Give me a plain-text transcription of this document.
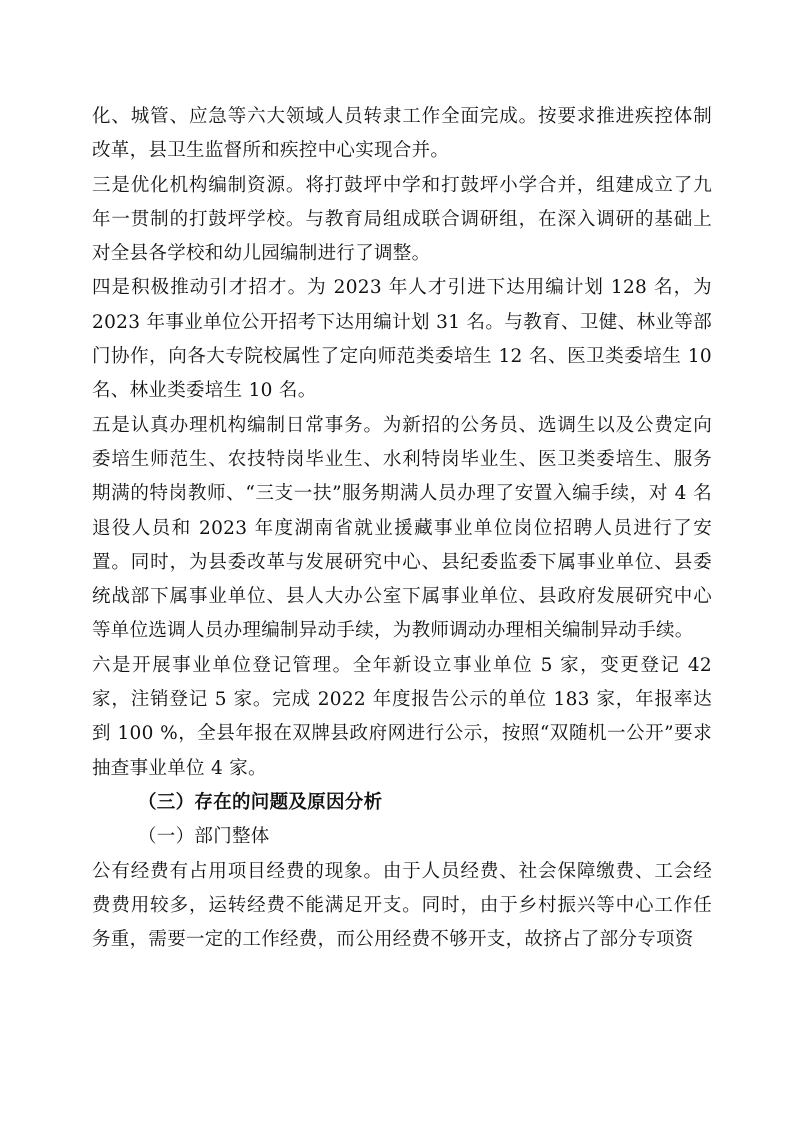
化、城管、应急等六大领域人员转隶工作全面完成。按要求推进疾控体制改革，县卫生监督所和疾控中心实现合并。

三是优化机构编制资源。将打鼓坪中学和打鼓坪小学合并，组建成立了九年一贯制的打鼓坪学校。与教育局组成联合调研组，在深入调研的基础上对全县各学校和幼儿园编制进行了调整。

四是积极推动引才招才。为 2023 年人才引进下达用编计划 128 名，为 2023 年事业单位公开招考下达用编计划 31 名。与教育、卫健、林业等部门协作，向各大专院校属性了定向师范类委培生 12 名、医卫类委培生 10 名、林业类委培生 10 名。

五是认真办理机构编制日常事务。为新招的公务员、选调生以及公费定向委培生师范生、农技特岗毕业生、水利特岗毕业生、医卫类委培生、服务期满的特岗教师、“三支一扶”服务期满人员办理了安置入编手续，对 4 名退役人员和 2023 年度湖南省就业援藏事业单位岗位招聘人员进行了安置。同时，为县委改革与发展研究中心、县纪委监委下属事业单位、县委统战部下属事业单位、县人大办公室下属事业单位、县政府发展研究中心等单位选调人员办理编制异动手续，为教师调动办理相关编制异动手续。

六是开展事业单位登记管理。全年新设立事业单位 5 家，变更登记 42 家，注销登记 5 家。完成 2022 年度报告公示的单位 183 家，年报率达到 100 %，全县年报在双牌县政府网进行公示，按照“双随机一公开”要求抽查事业单位 4 家。

（三）存在的问题及原因分析

（一）部门整体

公有经费有占用项目经费的现象。由于人员经费、社会保障缴费、工会经费费用较多，运转经费不能满足开支。同时，由于乡村振兴等中心工作任务重，需要一定的工作经费，而公用经费不够开支，故挤占了部分专项资
